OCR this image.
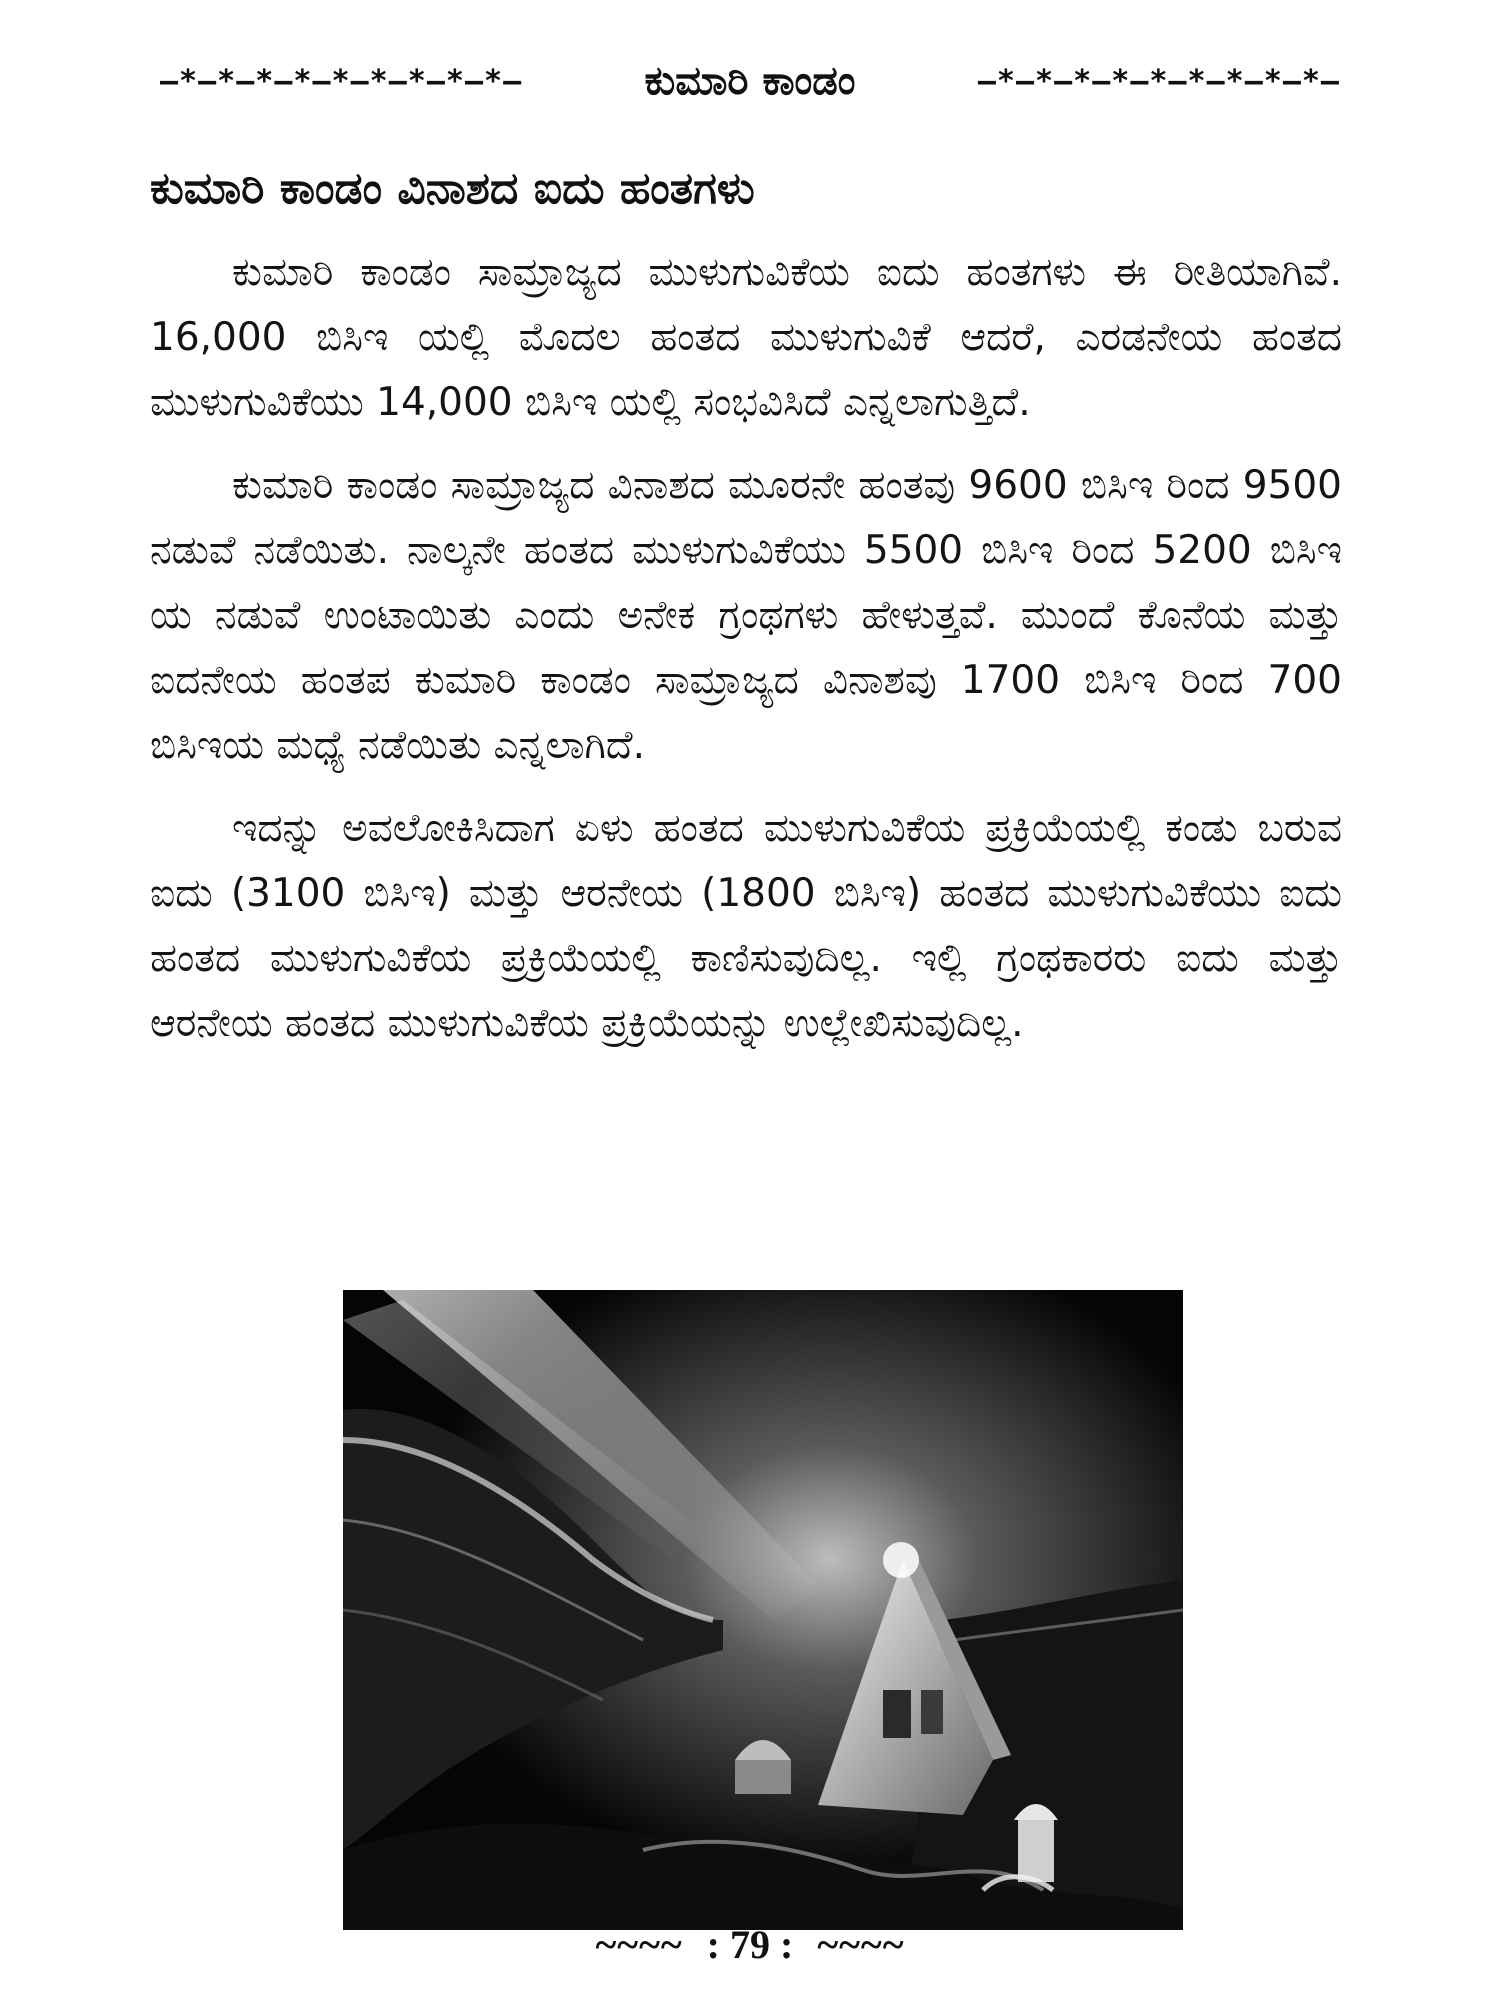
–*–*–*–*–*–*–*–*–*–	ಕುಮಾರಿ ಕಾಂಡಂ	–*–*–*–*–*–*–*–*–*–
ಕುಮಾರಿ ಕಾಂಡಂ ವಿನಾಶದ ಐದು ಹಂತಗಳು

ಕುಮಾರಿ ಕಾಂಡಂ ಸಾಮ್ರಾಜ್ಯದ ಮುಳುಗುವಿಕೆಯ ಐದು ಹಂತಗಳು ಈ ರೀತಿಯಾಗಿವೆ. 16,000 ಬಿಸಿಇ ಯಲ್ಲಿ ಮೊದಲ ಹಂತದ ಮುಳುಗುವಿಕೆ ಆದರೆ, ಎರಡನೇಯ ಹಂತದ ಮುಳುಗುವಿಕೆಯು 14,000 ಬಿಸಿಇ ಯಲ್ಲಿ ಸಂಭವಿಸಿದೆ ಎನ್ನಲಾಗುತ್ತಿದೆ.

ಕುಮಾರಿ ಕಾಂಡಂ ಸಾಮ್ರಾಜ್ಯದ ವಿನಾಶದ ಮೂರನೇ ಹಂತವು 9600 ಬಿಸಿಇ ರಿಂದ 9500 ನಡುವೆ ನಡೆಯಿತು. ನಾಲ್ಕನೇ ಹಂತದ ಮುಳುಗುವಿಕೆಯು 5500 ಬಿಸಿಇ ರಿಂದ 5200 ಬಿಸಿಇ ಯ ನಡುವೆ ಉಂಟಾಯಿತು ಎಂದು ಅನೇಕ ಗ್ರಂಥಗಳು ಹೇಳುತ್ತವೆ. ಮುಂದೆ ಕೊನೆಯ ಮತ್ತು ಐದನೇಯ ಹಂತಪ ಕುಮಾರಿ ಕಾಂಡಂ ಸಾಮ್ರಾಜ್ಯದ ವಿನಾಶವು 1700 ಬಿಸಿಇ ರಿಂದ 700 ಬಿಸಿಇಯ ಮಧ್ಯೆ ನಡೆಯಿತು ಎನ್ನಲಾಗಿದೆ.

ಇದನ್ನು ಅವಲೋಕಿಸಿದಾಗ ಏಳು ಹಂತದ ಮುಳುಗುವಿಕೆಯ ಪ್ರಕ್ರಿಯೆಯಲ್ಲಿ ಕಂಡು ಬರುವ ಐದು (3100 ಬಿಸಿಇ) ಮತ್ತು ಆರನೇಯ (1800 ಬಿಸಿಇ) ಹಂತದ ಮುಳುಗುವಿಕೆಯು ಐದು ಹಂತದ ಮುಳುಗುವಿಕೆಯ ಪ್ರಕ್ರಿಯೆಯಲ್ಲಿ ಕಾಣಿಸುವುದಿಲ್ಲ. ಇಲ್ಲಿ ಗ್ರಂಥಕಾರರು ಐದು ಮತ್ತು ಆರನೇಯ ಹಂತದ ಮುಳುಗುವಿಕೆಯ ಪ್ರಕ್ರಿಯೆಯನ್ನು ಉಲ್ಲೇಖಿಸುವುದಿಲ್ಲ.

~~~~ : 79 : ~~~~
